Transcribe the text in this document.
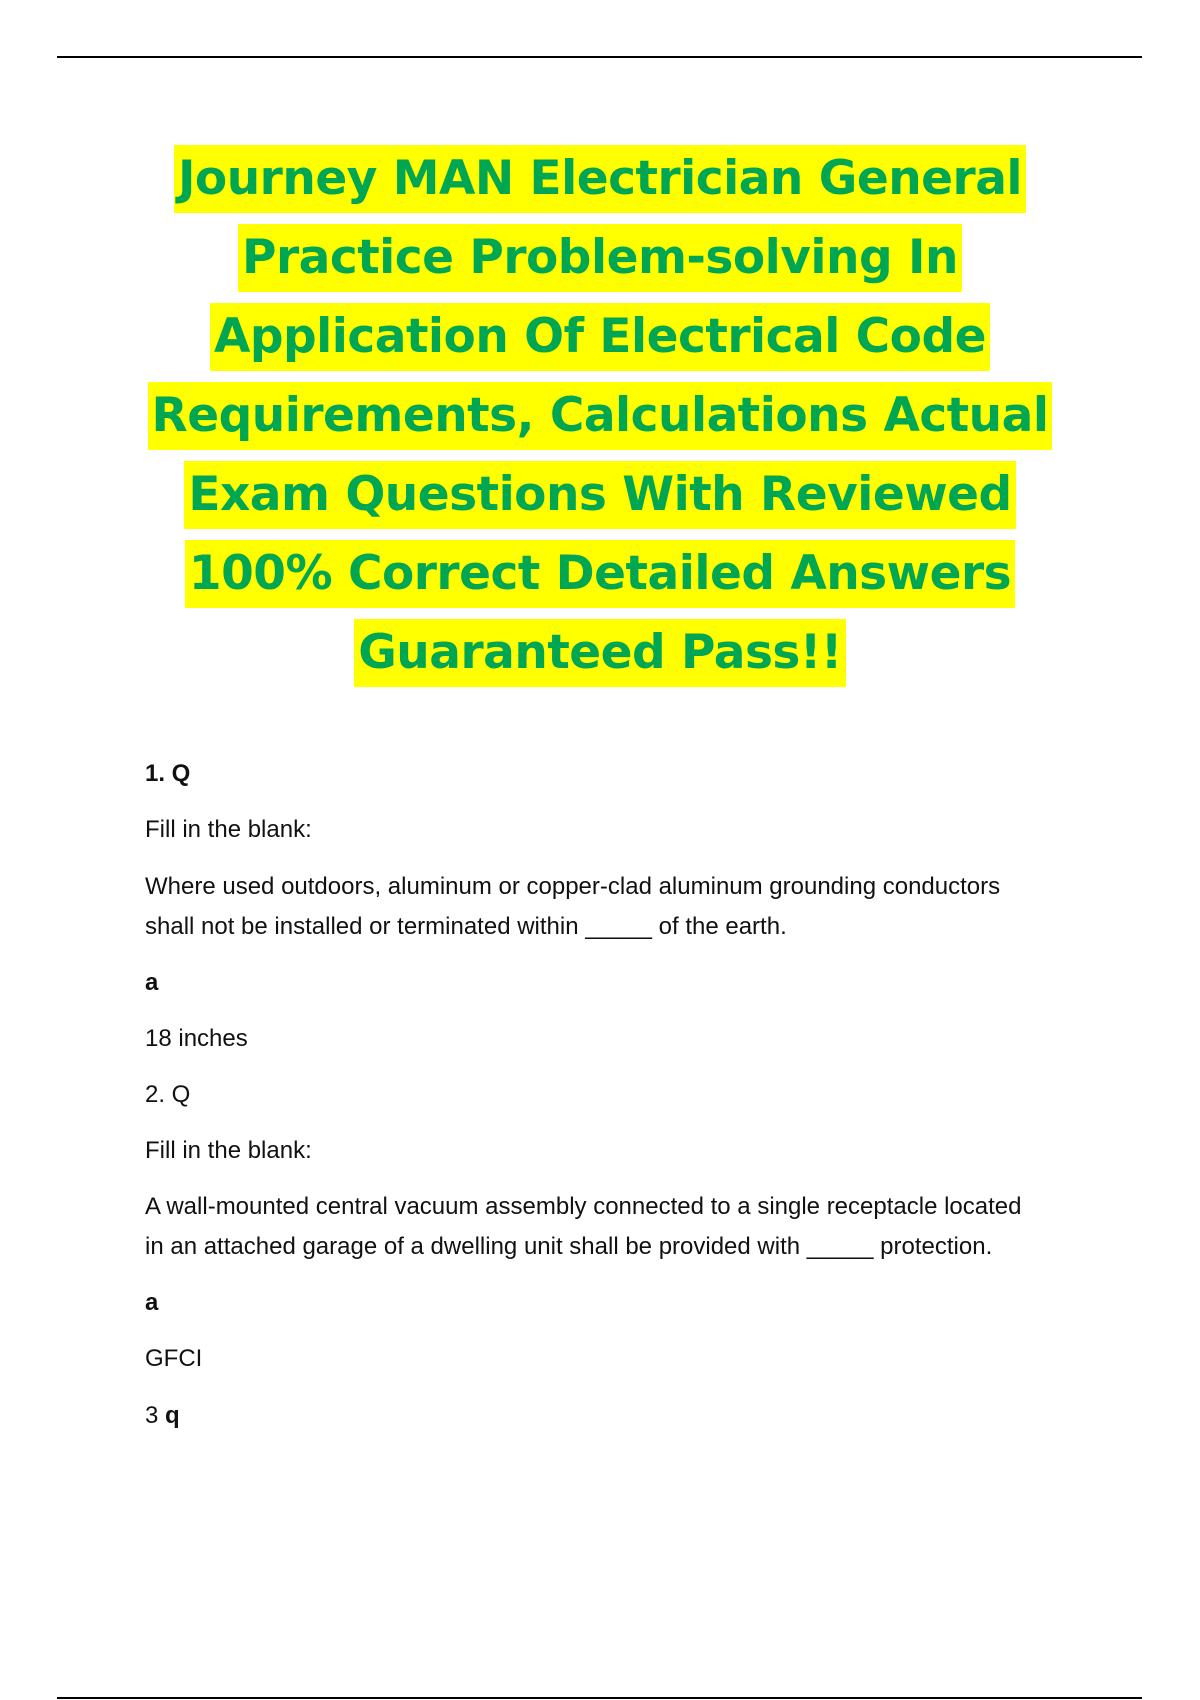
Journey MAN Electrician General
Practice Problem-solving In
Application Of Electrical Code
Requirements, Calculations Actual
Exam Questions With Reviewed
100% Correct Detailed Answers
Guaranteed Pass!!
1. Q
Fill in the blank:
Where used outdoors, aluminum or copper-clad aluminum grounding conductors
shall not be installed or terminated within _____ of the earth.
a
18 inches
2. Q
Fill in the blank:
A wall-mounted central vacuum assembly connected to a single receptacle located
in an attached garage of a dwelling unit shall be provided with _____ protection.
a
GFCI
3 q
